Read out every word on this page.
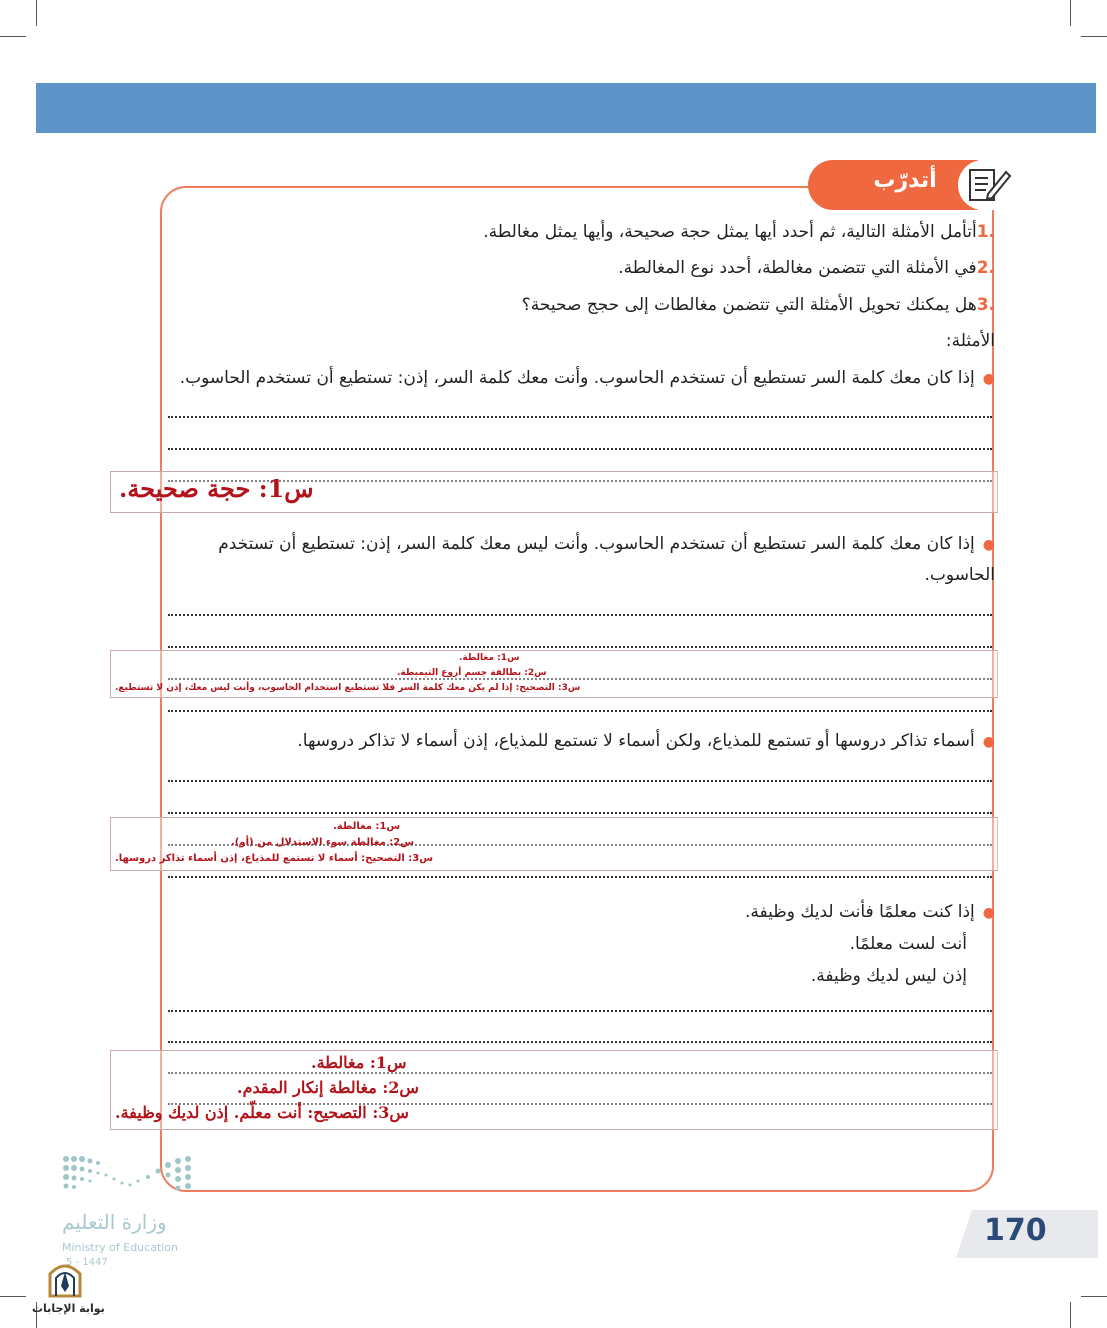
أتدرّب
.1أتأمل الأمثلة التالية، ثم أحدد أيها يمثل حجة صحيحة، وأيها يمثل مغالطة.
.2في الأمثلة التي تتضمن مغالطة، أحدد نوع المغالطة.
.3هل يمكنك تحويل الأمثلة التي تتضمن مغالطات إلى حجج صحيحة؟
الأمثلة:
●إذا كان معك كلمة السر تستطيع أن تستخدم الحاسوب. وأنت معك كلمة السر، إذن: تستطيع أن تستخدم الحاسوب.
س1: حجة صحيحة.
●إذا كان معك كلمة السر تستطيع أن تستخدم الحاسوب. وأنت ليس معك كلمة السر، إذن: تستطيع أن تستخدم
الحاسوب.
س1: مغالطة.
س2: بطالفة جسم أروع التيمبطة.
س3: التصحيح: إذا لم يكن معك كلمة السر فلا تستطيع استخدام الحاسوب، وأنت ليس معك، إذن لا تستطيع.
●أسماء تذاكر دروسها أو تستمع للمذياع، ولكن أسماء لا تستمع للمذياع، إذن أسماء لا تذاكر دروسها.
س1: مغالطة.
س2: مغالطة سوء الاستدلال من (أو).
س3: التصحيح: أسماء لا تستمع للمذياع، إذن أسماء تذاكر دروسها.
●إذا كنت معلمًا فأنت لديك وظيفة.
أنت لست معلمًا.
إذن ليس لديك وظيفة.
س1: مغالطة.
س2: مغالطة إنكار المقدم.
س3: التصحيح: أنت معلّم. إذن لديك وظيفة.
وزارة التعليم
Ministry of Education
5 - 1447
170
بوابة الإجابات
